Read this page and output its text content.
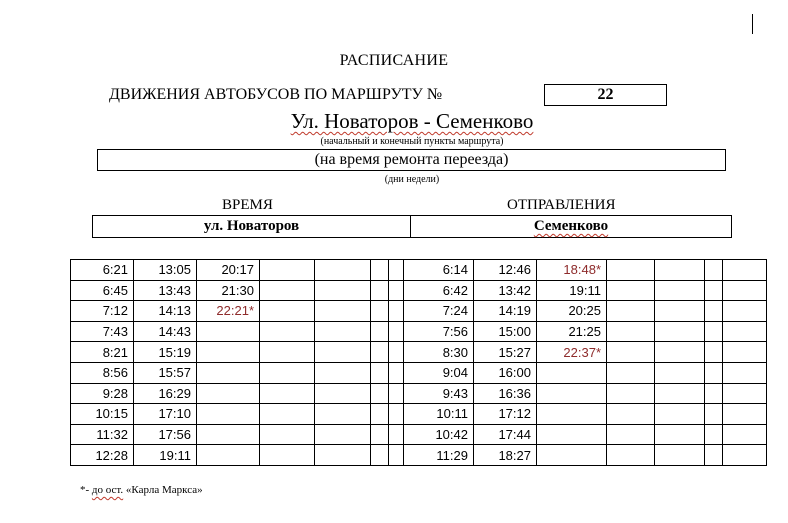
РАСПИСАНИЕ
ДВИЖЕНИЯ АВТОБУСОВ ПО МАРШРУТУ №	22
Ул. Новаторов - Семенково
(начальный и конечный пункты маршрута)
(на время ремонта переезда)
(дни недели)
ВРЕМЯ	ОТПРАВЛЕНИЯ
ул. Новаторов	Семенково
6:21	13:05	20:17					6:14	12:46	18:48*				
6:45	13:43	21:30					6:42	13:42	19:11				
7:12	14:13	22:21*					7:24	14:19	20:25				
7:43	14:43						7:56	15:00	21:25				
8:21	15:19						8:30	15:27	22:37*				
8:56	15:57						9:04	16:00					
9:28	16:29						9:43	16:36					
10:15	17:10						10:11	17:12					
11:32	17:56						10:42	17:44					
12:28	19:11						11:29	18:27					
*- до ост. «Карла Маркса»
